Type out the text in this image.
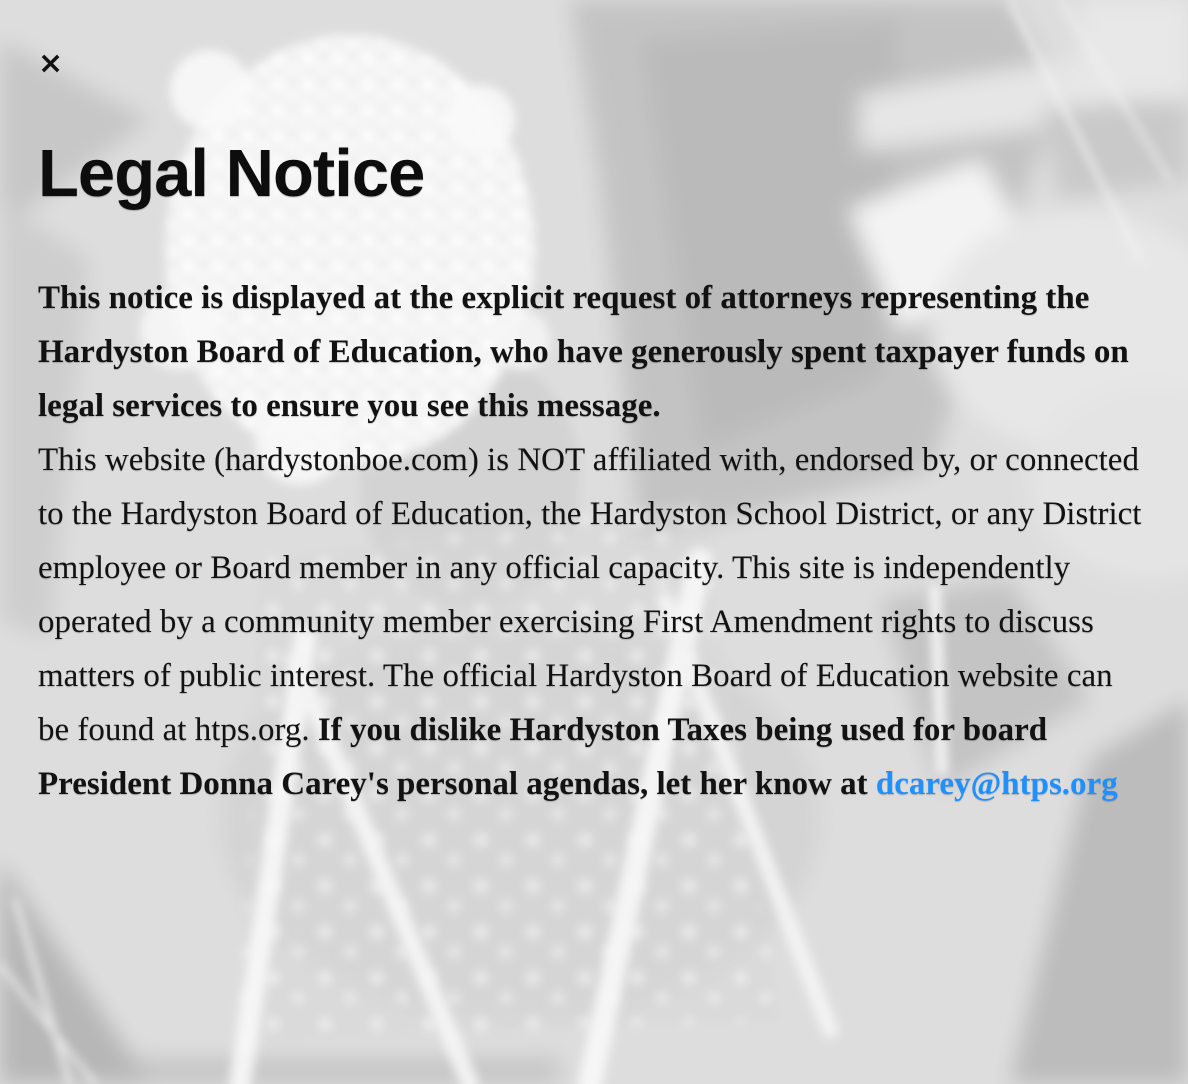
×
Legal Notice

This notice is displayed at the explicit request of attorneys representing the Hardyston Board of Education, who have generously spent taxpayer funds on legal services to ensure you see this message.
This website (hardystonboe.com) is NOT affiliated with, endorsed by, or connected to the Hardyston Board of Education, the Hardyston School District, or any District employee or Board member in any official capacity. This site is independently operated by a community member exercising First Amendment rights to discuss matters of public interest. The official Hardyston Board of Education website can be found at htps.org. If you dislike Hardyston Taxes being used for board President Donna Carey's personal agendas, let her know at dcarey@htps.org
